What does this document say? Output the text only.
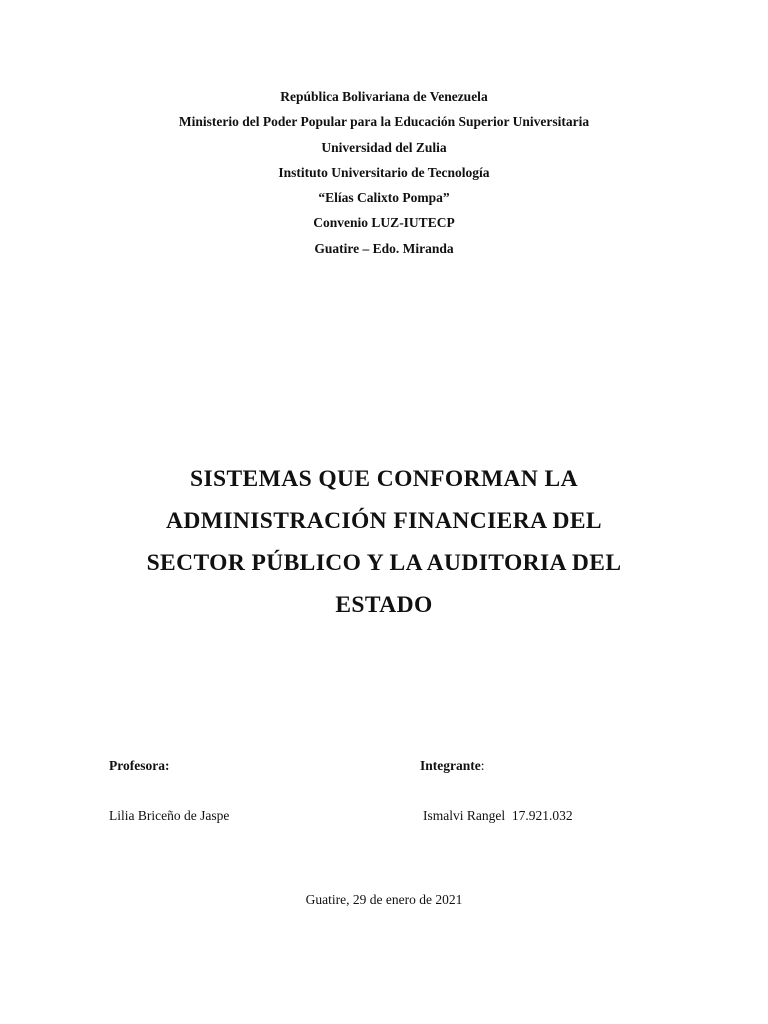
República Bolivariana de Venezuela
Ministerio del Poder Popular para la Educación Superior Universitaria
Universidad del Zulia
Instituto Universitario de Tecnología
“Elías Calixto Pompa”
Convenio LUZ-IUTECP
Guatire – Edo. Miranda
SISTEMAS QUE CONFORMAN LA
ADMINISTRACIÓN FINANCIERA DEL
SECTOR PÚBLICO Y LA AUDITORIA DEL
ESTADO
Profesora:	Integrante:
Lilia Briceño de Jaspe	Ismalvi Rangel  17.921.032
Guatire, 29 de enero de 2021
